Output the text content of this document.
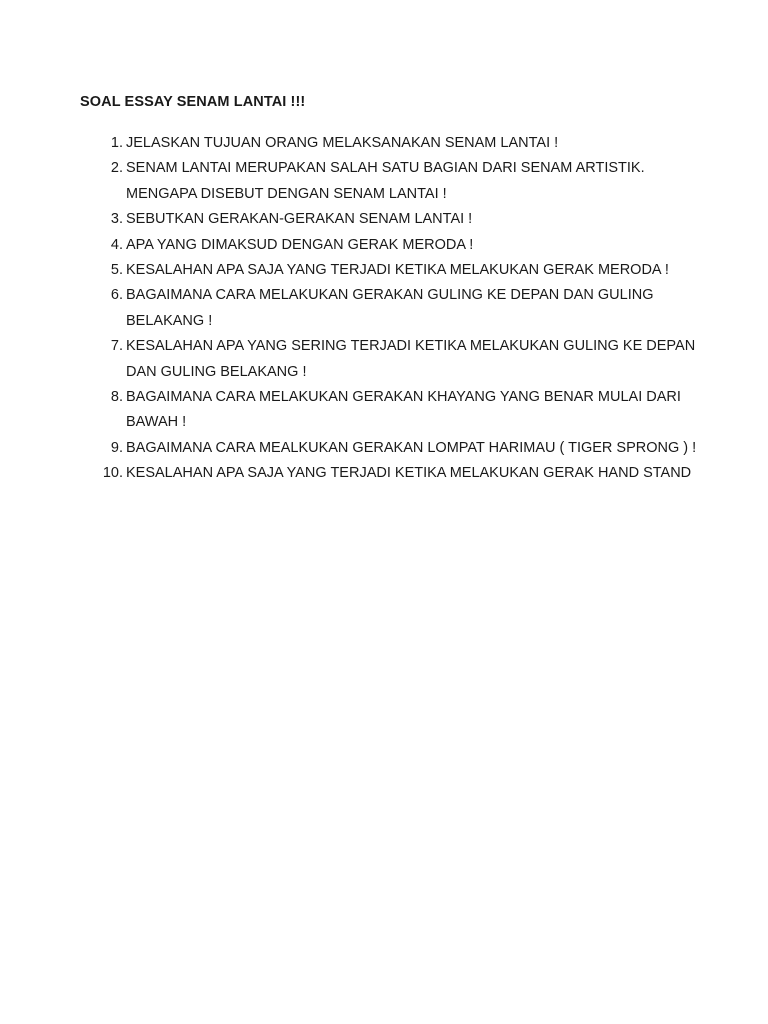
SOAL ESSAY SENAM LANTAI !!!
1. JELASKAN TUJUAN ORANG MELAKSANAKAN SENAM LANTAI !
2. SENAM LANTAI MERUPAKAN SALAH SATU BAGIAN DARI SENAM ARTISTIK.
MENGAPA DISEBUT DENGAN SENAM LANTAI !
3. SEBUTKAN GERAKAN-GERAKAN SENAM LANTAI !
4. APA YANG DIMAKSUD DENGAN GERAK MERODA !
5. KESALAHAN APA SAJA YANG TERJADI KETIKA MELAKUKAN GERAK MERODA !
6. BAGAIMANA CARA MELAKUKAN GERAKAN GULING KE DEPAN DAN GULING
BELAKANG !
7. KESALAHAN APA YANG SERING TERJADI KETIKA MELAKUKAN GULING KE DEPAN
DAN GULING BELAKANG !
8. BAGAIMANA CARA MELAKUKAN GERAKAN KHAYANG YANG BENAR MULAI DARI
BAWAH !
9. BAGAIMANA CARA MEALKUKAN GERAKAN LOMPAT HARIMAU ( TIGER SPRONG ) !
10. KESALAHAN APA SAJA YANG TERJADI KETIKA MELAKUKAN GERAK HAND STAND
